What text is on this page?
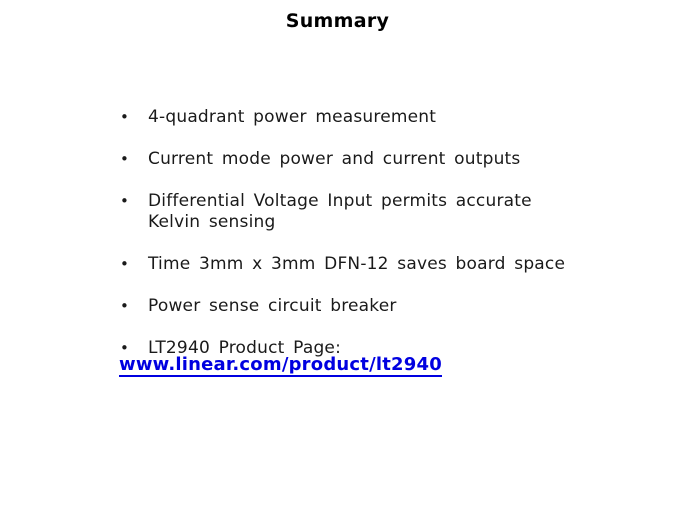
Summary
• 4-quadrant power measurement
• Current mode power and current outputs
• Differential Voltage Input permits accurate
Kelvin sensing
• Time 3mm x 3mm DFN-12 saves board space
• Power sense circuit breaker
• LT2940 Product Page:
www.linear.com/product/lt2940
